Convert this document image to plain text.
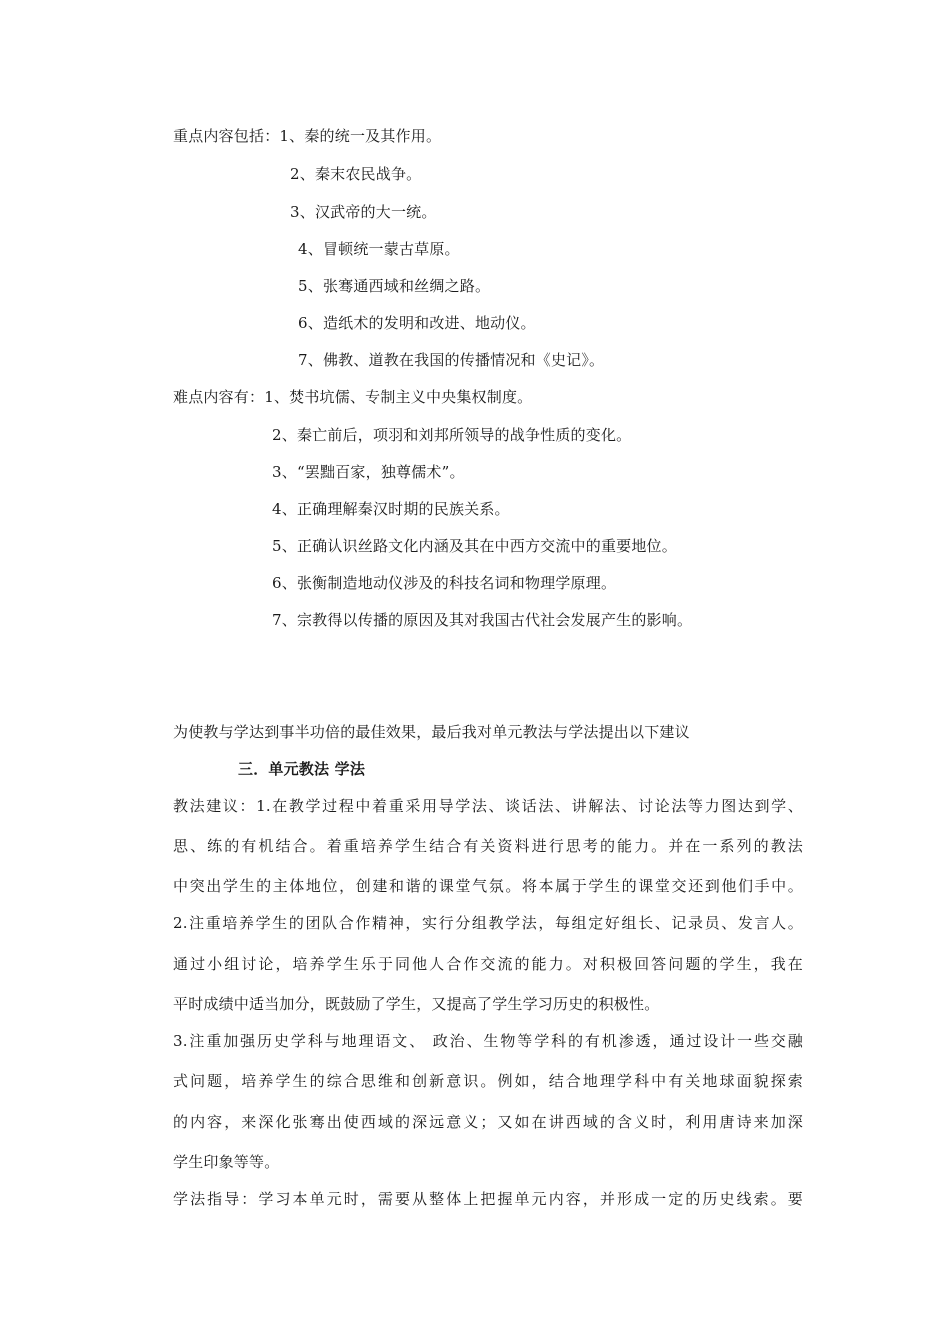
重点内容包括：1、秦的统一及其作用。
2、秦末农民战争。
3、汉武帝的大一统。
4、冒顿统一蒙古草原。
5、张骞通西域和丝绸之路。
6、造纸术的发明和改进、地动仪。
7、佛教、道教在我国的传播情况和《史记》。
难点内容有：1、焚书坑儒、专制主义中央集权制度。
2、秦亡前后，项羽和刘邦所领导的战争性质的变化。
3、“罢黜百家，独尊儒术”。
4、正确理解秦汉时期的民族关系。
5、正确认识丝路文化内涵及其在中西方交流中的重要地位。
6、张衡制造地动仪涉及的科技名词和物理学原理。
7、宗教得以传播的原因及其对我国古代社会发展产生的影响。
为使教与学达到事半功倍的最佳效果，最后我对单元教法与学法提出以下建议
三．单元教法 学法
教法建议：1.在教学过程中着重采用导学法、谈话法、讲解法、讨论法等力图达到学、
思、练的有机结合。着重培养学生结合有关资料进行思考的能力。并在一系列的教法
中突出学生的主体地位，创建和谐的课堂气氛。将本属于学生的课堂交还到他们手中。
2.注重培养学生的团队合作精神，实行分组教学法，每组定好组长、记录员、发言人。
通过小组讨论，培养学生乐于同他人合作交流的能力。对积极回答问题的学生，我在
平时成绩中适当加分，既鼓励了学生，又提高了学生学习历史的积极性。
3.注重加强历史学科与地理语文、 政治、生物等学科的有机渗透，通过设计一些交融
式问题，培养学生的综合思维和创新意识。例如，结合地理学科中有关地球面貌探索
的内容，来深化张骞出使西域的深远意义；又如在讲西域的含义时，利用唐诗来加深
学生印象等等。
学法指导：学习本单元时，需要从整体上把握单元内容，并形成一定的历史线索。要
